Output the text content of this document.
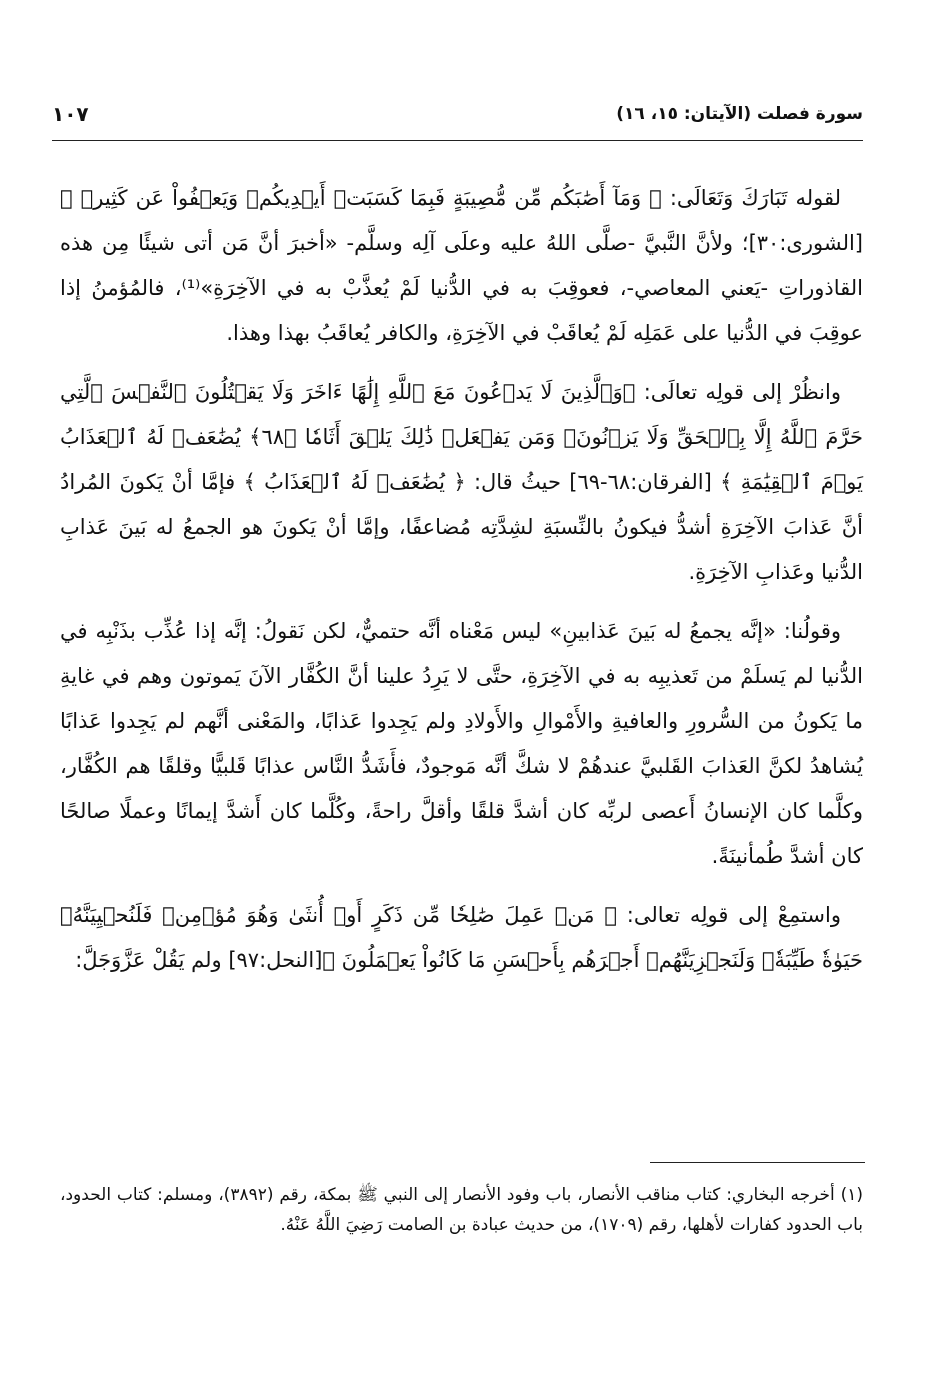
سورة فصلت (الآيتان: ١٥، ١٦)
١٠٧

لقوله تَبَارَكَ وَتَعَالَى: ﴿ وَمَآ أَصَٰبَكُم مِّن مُّصِيبَةٍ فَبِمَا كَسَبَتۡ أَيۡدِيكُمۡ وَيَعۡفُواْ عَن كَثِيرٖ ﴾ [الشورى:٣٠]؛ ولأنَّ النَّبيَّ -صلَّى اللهُ عليه وعلَى آلِه وسلَّم- «أخبرَ أنَّ مَن أتى شيئًا مِن هذه القاذوراتِ -يَعني المعاصي-، فعوقِبَ به في الدُّنيا لَمْ يُعذَّبْ به في الآخِرَةِ»⁽¹⁾، فالمُؤمنُ إذا عوقِبَ في الدُّنيا على عَمَلِه لَمْ يُعاقَبْ في الآخِرَةِ، والكافر يُعاقَبُ بهذا وهذا.

وانظُرْ إلى قولِه تعالَى: ﴿وَٱلَّذِينَ لَا يَدۡعُونَ مَعَ ٱللَّهِ إِلَٰهًا ءَاخَرَ وَلَا يَقۡتُلُونَ ٱلنَّفۡسَ ٱلَّتِي حَرَّمَ ٱللَّهُ إِلَّا بِٱلۡحَقِّ وَلَا يَزۡنُونَۚ وَمَن يَفۡعَلۡ ذَٰلِكَ يَلۡقَ أَثَامٗا ﴿٦٨﴾ يُضَٰعَفۡ لَهُ ٱلۡعَذَابُ يَوۡمَ ٱلۡقِيَٰمَةِ ﴾ [الفرقان:٦٨-٦٩] حيثُ قال: ﴿ يُضَٰعَفۡ لَهُ ٱلۡعَذَابُ ﴾ فإمَّا أنْ يَكونَ المُرادُ أنَّ عَذابَ الآخِرَةِ أشدُّ فيكونُ بالنِّسبَةِ لشِدَّتِه مُضاعفًا، وإمَّا أنْ يَكونَ هو الجمعُ له بَينَ عَذابِ الدُّنيا وعَذابِ الآخِرَةِ.

وقولُنا: «إنَّه يجمعُ له بَينَ عَذابينِ» ليس مَعْناه أنَّه حتميٌّ، لكن نَقولُ: إنَّه إذا عُذِّب بذَنْبِه في الدُّنيا لم يَسلَمْ من تَعذيبِه به في الآخِرَةِ، حتَّى لا يَرِدُ علينا أنَّ الكُفَّار الآنَ يَموتون وهم في غايةِ ما يَكونُ من السُّرورِ والعافيةِ والأَمْوالِ والأَولادِ ولم يَجِدوا عَذابًا، والمَعْنى أنَّهم لم يَجِدوا عَذابًا يُشاهدُ لكنَّ العَذابَ القَلبيَّ عندهُمْ لا شكَّ أنَّه مَوجودٌ، فأَشَدُّ النَّاس عذابًا قَلبيًّا وقلقًا هم الكُفَّار، وكلَّما كان الإنسانُ أَعصى لربِّه كان أشدَّ قلقًا وأقلَّ راحةً، وكُلَّما كان أَشدَّ إيمانًا وعملًا صالحًا كان أشدَّ طُمأنينَةً.

واستمِعْ إلى قولِه تعالى: ﴿ مَنۡ عَمِلَ صَٰلِحٗا مِّن ذَكَرٍ أَوۡ أُنثَىٰ وَهُوَ مُؤۡمِنٞ فَلَنُحۡيِيَنَّهُۥ حَيَوٰةٗ طَيِّبَةٗۖ وَلَنَجۡزِيَنَّهُمۡ أَجۡرَهُم بِأَحۡسَنِ مَا كَانُواْ يَعۡمَلُونَ ﴾[النحل:٩٧] ولم يَقُلْ عَزَّوَجَلَّ:

(١) أخرجه البخاري: كتاب مناقب الأنصار، باب وفود الأنصار إلى النبي ﷺ بمكة، رقم (٣٨٩٢)، ومسلم: كتاب الحدود، باب الحدود كفارات لأهلها، رقم (١٧٠٩)، من حديث عبادة بن الصامت رَضِيَ اللَّهُ عَنْهُ.
